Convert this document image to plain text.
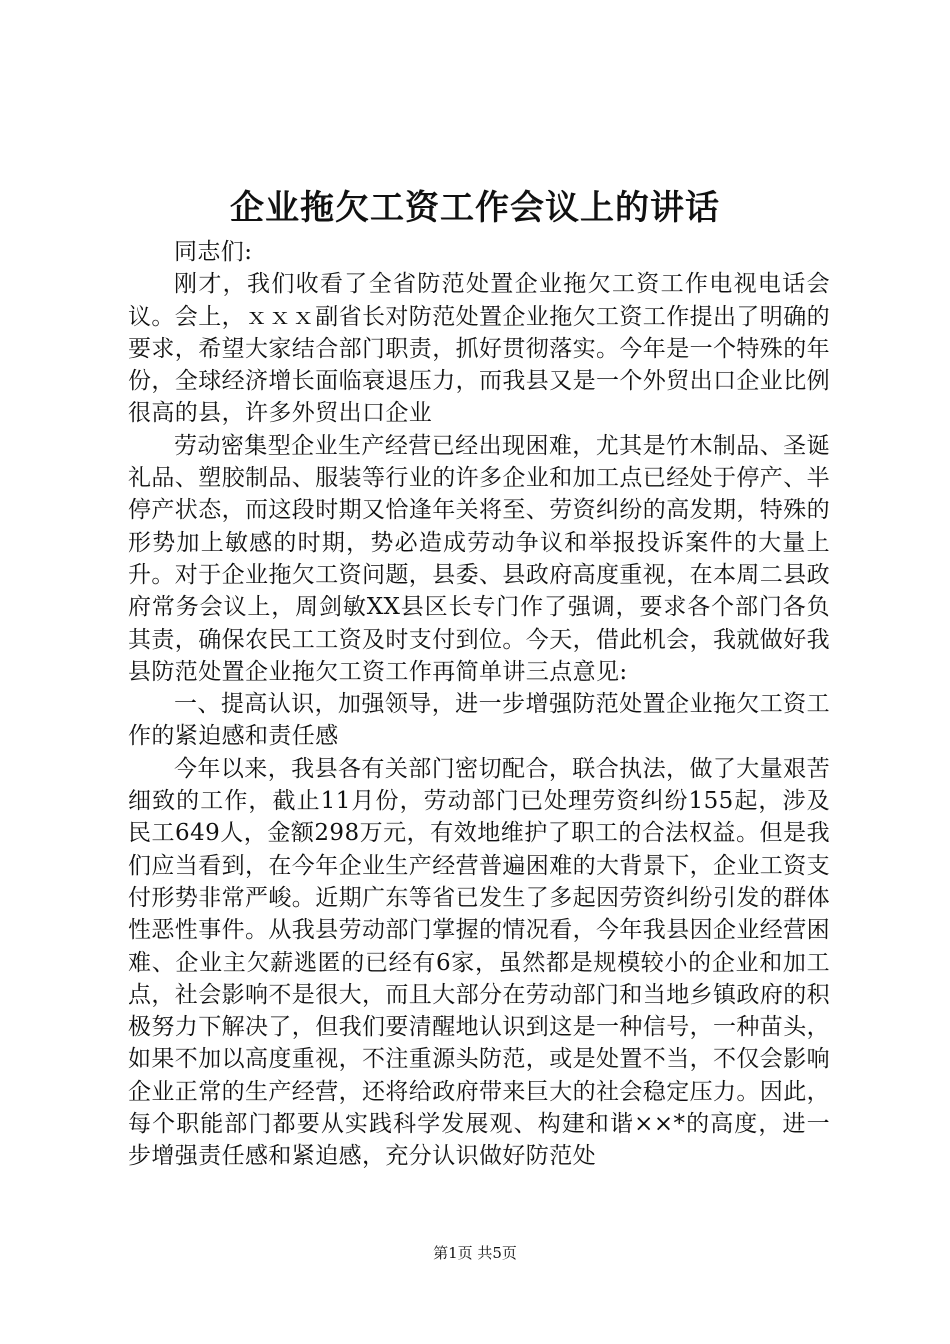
企业拖欠工资工作会议上的讲话

同志们:

刚才，我们收看了全省防范处置企业拖欠工资工作电视电话会议。会上，ｘｘｘ副省长对防范处置企业拖欠工资工作提出了明确的要求，希望大家结合部门职责，抓好贯彻落实。今年是一个特殊的年份，全球经济增长面临衰退压力，而我县又是一个外贸出口企业比例很高的县，许多外贸出口企业

劳动密集型企业生产经营已经出现困难，尤其是竹木制品、圣诞礼品、塑胶制品、服装等行业的许多企业和加工点已经处于停产、半停产状态，而这段时期又恰逢年关将至、劳资纠纷的高发期，特殊的形势加上敏感的时期，势必造成劳动争议和举报投诉案件的大量上升。对于企业拖欠工资问题，县委、县政府高度重视，在本周二县政府常务会议上，周剑敏XX县区长专门作了强调，要求各个部门各负其责，确保农民工工资及时支付到位。今天，借此机会，我就做好我县防范处置企业拖欠工资工作再简单讲三点意见:

一、提高认识，加强领导，进一步增强防范处置企业拖欠工资工作的紧迫感和责任感

今年以来，我县各有关部门密切配合，联合执法，做了大量艰苦细致的工作，截止11月份，劳动部门已处理劳资纠纷155起，涉及民工649人，金额298万元，有效地维护了职工的合法权益。但是我们应当看到，在今年企业生产经营普遍困难的大背景下，企业工资支付形势非常严峻。近期广东等省已发生了多起因劳资纠纷引发的群体性恶性事件。从我县劳动部门掌握的情况看，今年我县因企业经营困难、企业主欠薪逃匿的已经有6家，虽然都是规模较小的企业和加工点，社会影响不是很大，而且大部分在劳动部门和当地乡镇政府的积极努力下解决了，但我们要清醒地认识到这是一种信号，一种苗头，如果不加以高度重视，不注重源头防范，或是处置不当，不仅会影响企业正常的生产经营，还将给政府带来巨大的社会稳定压力。因此，每个职能部门都要从实践科学发展观、构建和谐××*的高度，进一步增强责任感和紧迫感，充分认识做好防范处

第1页 共5页
